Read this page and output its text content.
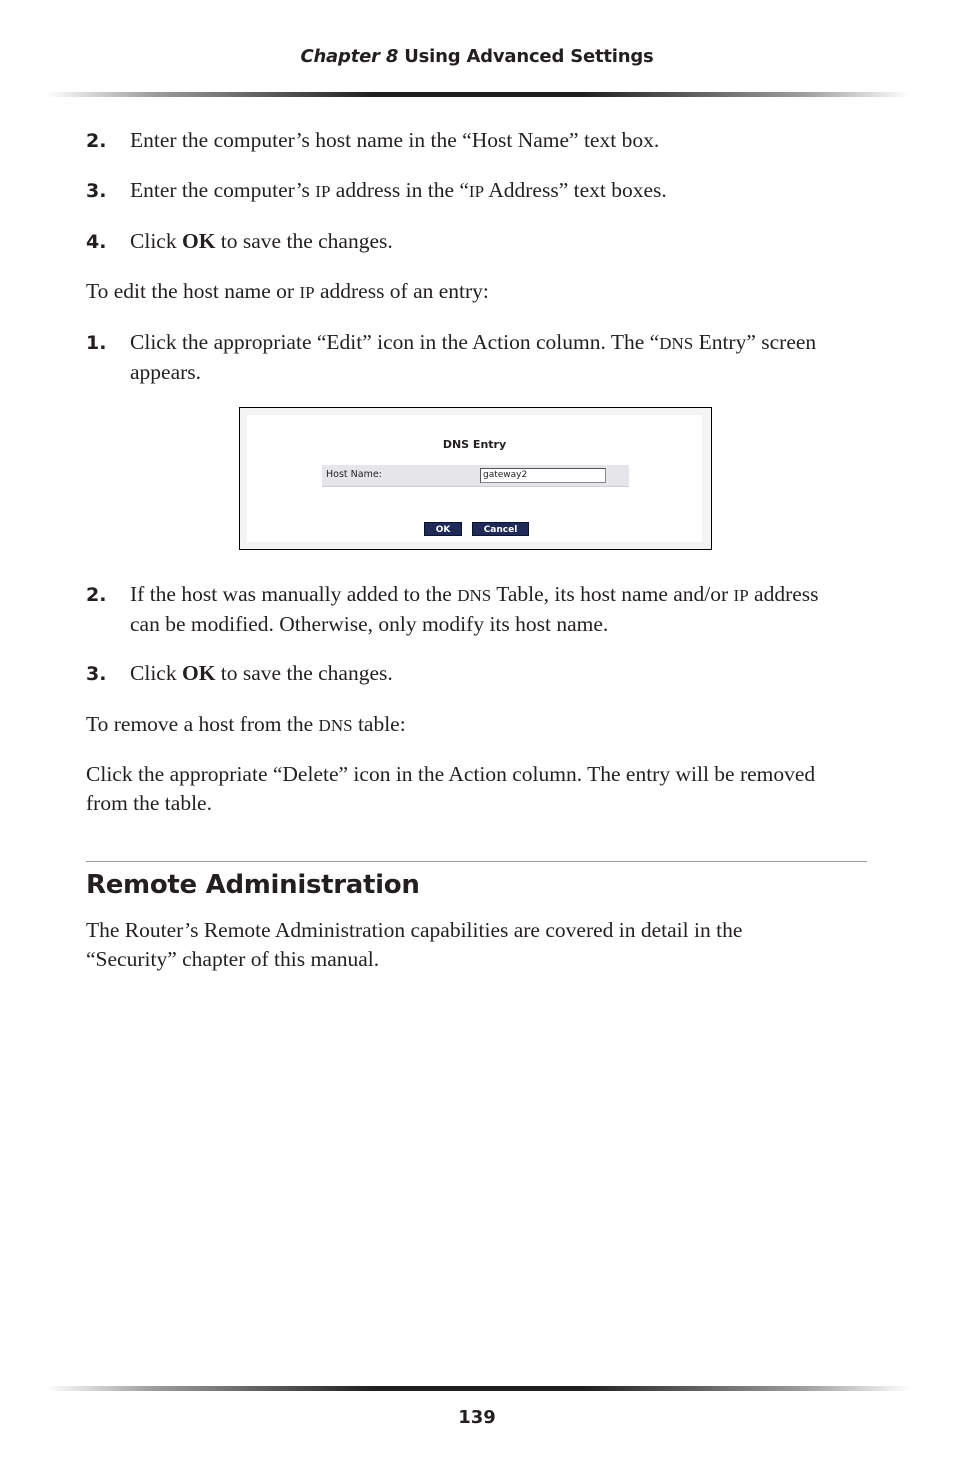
Chapter 8 Using Advanced Settings
2. Enter the computer’s host name in the “Host Name” text box.
3. Enter the computer’s IP address in the “IP Address” text boxes.
4. Click OK to save the changes.
To edit the host name or IP address of an entry:
1. Click the appropriate “Edit” icon in the Action column. The “DNS Entry” screen appears.
DNS Entry
Host Name:	gateway2
OK	Cancel
2. If the host was manually added to the DNS Table, its host name and/or IP address can be modified. Otherwise, only modify its host name.
3. Click OK to save the changes.
To remove a host from the DNS table:
Click the appropriate “Delete” icon in the Action column. The entry will be removed from the table.
Remote Administration
The Router’s Remote Administration capabilities are covered in detail in the “Security” chapter of this manual.
139
